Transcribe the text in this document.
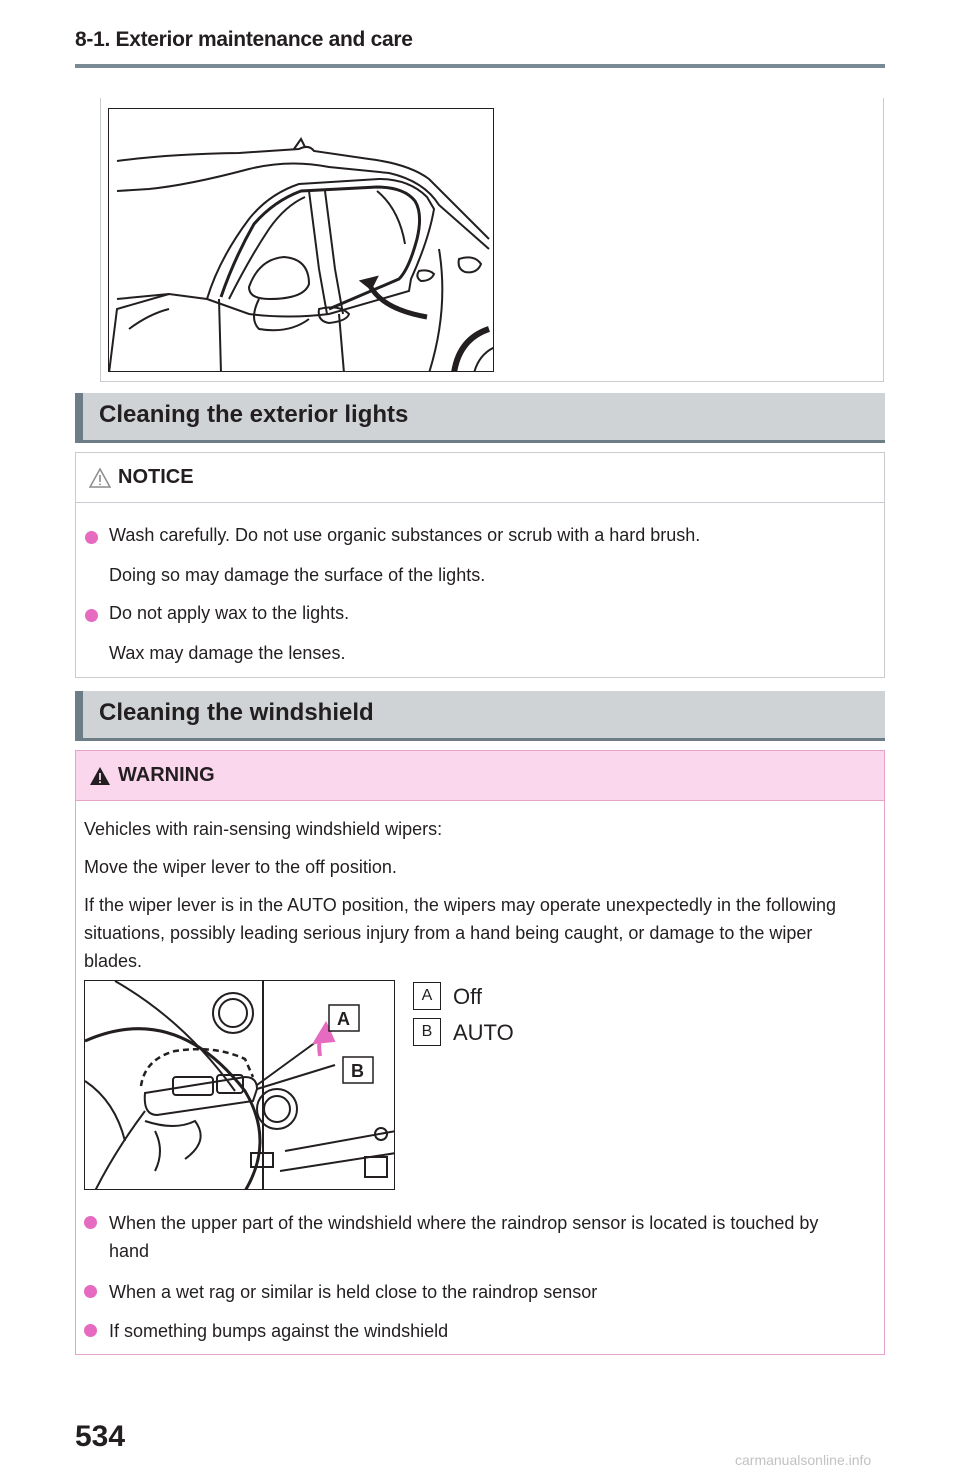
8-1. Exterior maintenance and care
Cleaning the exterior lights
NOTICE
Wash carefully. Do not use organic substances or scrub with a hard brush.
Doing so may damage the surface of the lights.
Do not apply wax to the lights.
Wax may damage the lenses.
Cleaning the windshield
WARNING
Vehicles with rain-sensing windshield wipers:
Move the wiper lever to the off position.
If the wiper lever is in the AUTO position, the wipers may operate unexpectedly in the following situations, possibly leading serious injury from a hand being caught, or damage to the wiper blades.
When the upper part of the windshield where the raindrop sensor is located is touched by hand
When a wet rag or similar is held close to the raindrop sensor
If something bumps against the windshield
A
B
A Off
B AUTO
534
carmanualsonline.info
